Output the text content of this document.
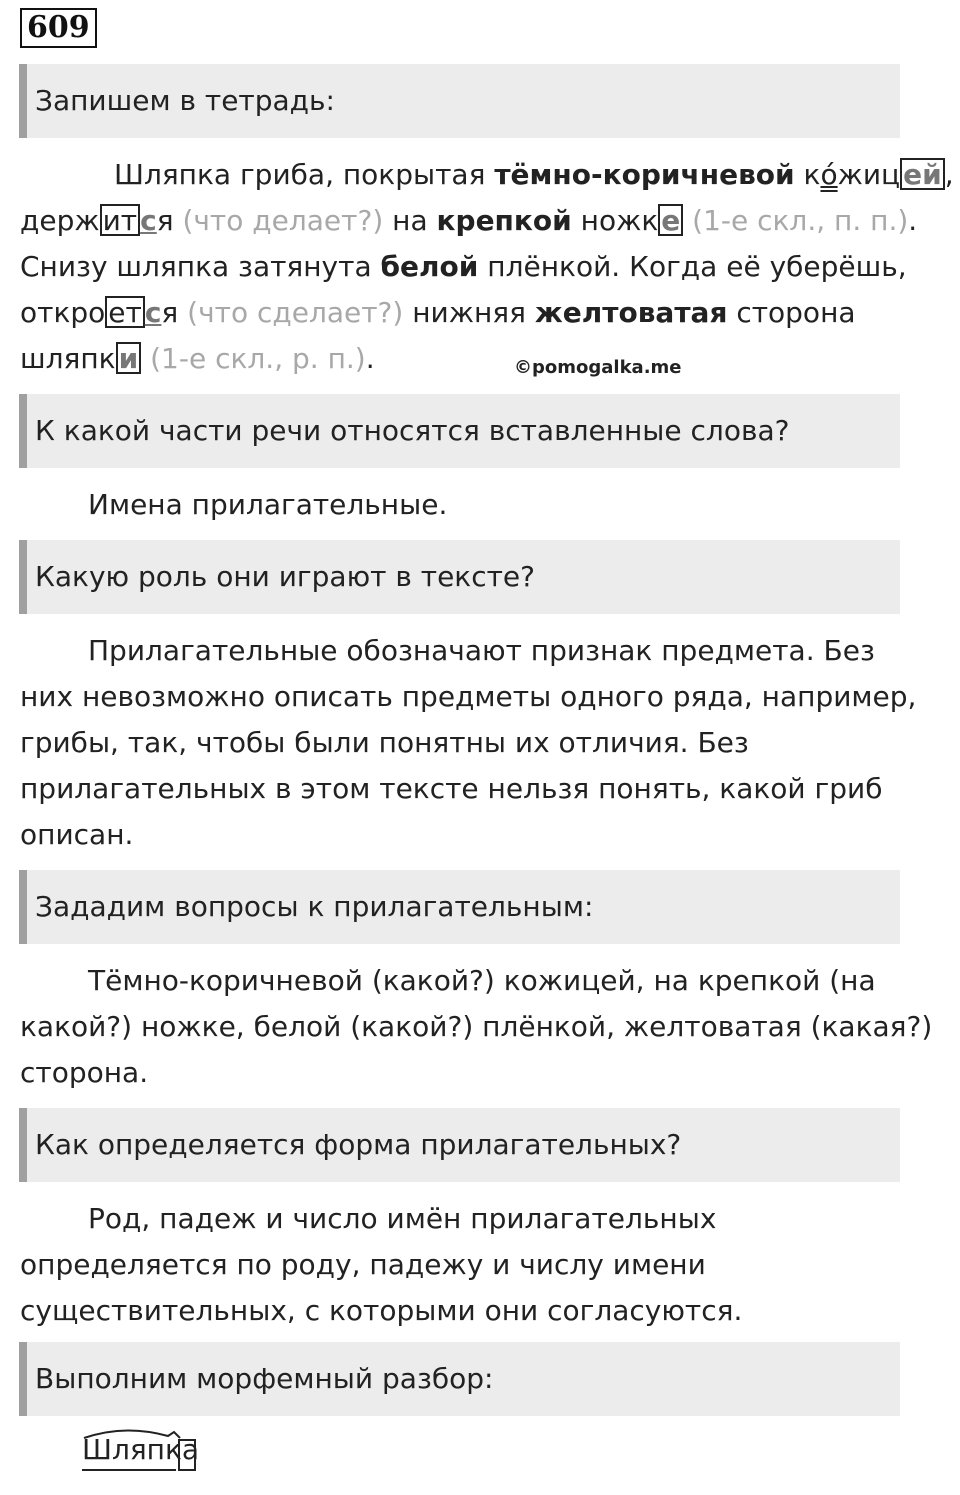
609
Запишем в тетрадь:
Шляпка гриба, покрытая тёмно-коричневой ко ́жиц ей ,
держ ит ся (что делает?) на крепкой ножк е (1-е скл., п. п.).
Снизу шляпка затянута белой плёнкой. Когда её уберёшь,
откро ет ся (что сделает?) нижняя желтоватая сторона
шляпк и (1-е скл., р. п.).	©pomogalka.me
К какой части речи относятся вставленные слова?
Имена прилагательные.
Какую роль они играют в тексте?
Прилагательные обозначают признак предмета. Без
них невозможно описать предметы одного ряда, например,
грибы, так, чтобы были понятны их отличия. Без
прилагательных в этом тексте нельзя понять, какой гриб
описан.
Зададим вопросы к прилагательным:
Тёмно-коричневой (какой?) кожицей, на крепкой (на
какой?) ножке, белой (какой?) плёнкой, желтоватая (какая?)
сторона.
Как определяется форма прилагательных?
Род, падеж и число имён прилагательных
определяется по роду, падежу и числу имени
существительных, с которыми они согласуются.
Выполним морфемный разбор:
Шляпка
